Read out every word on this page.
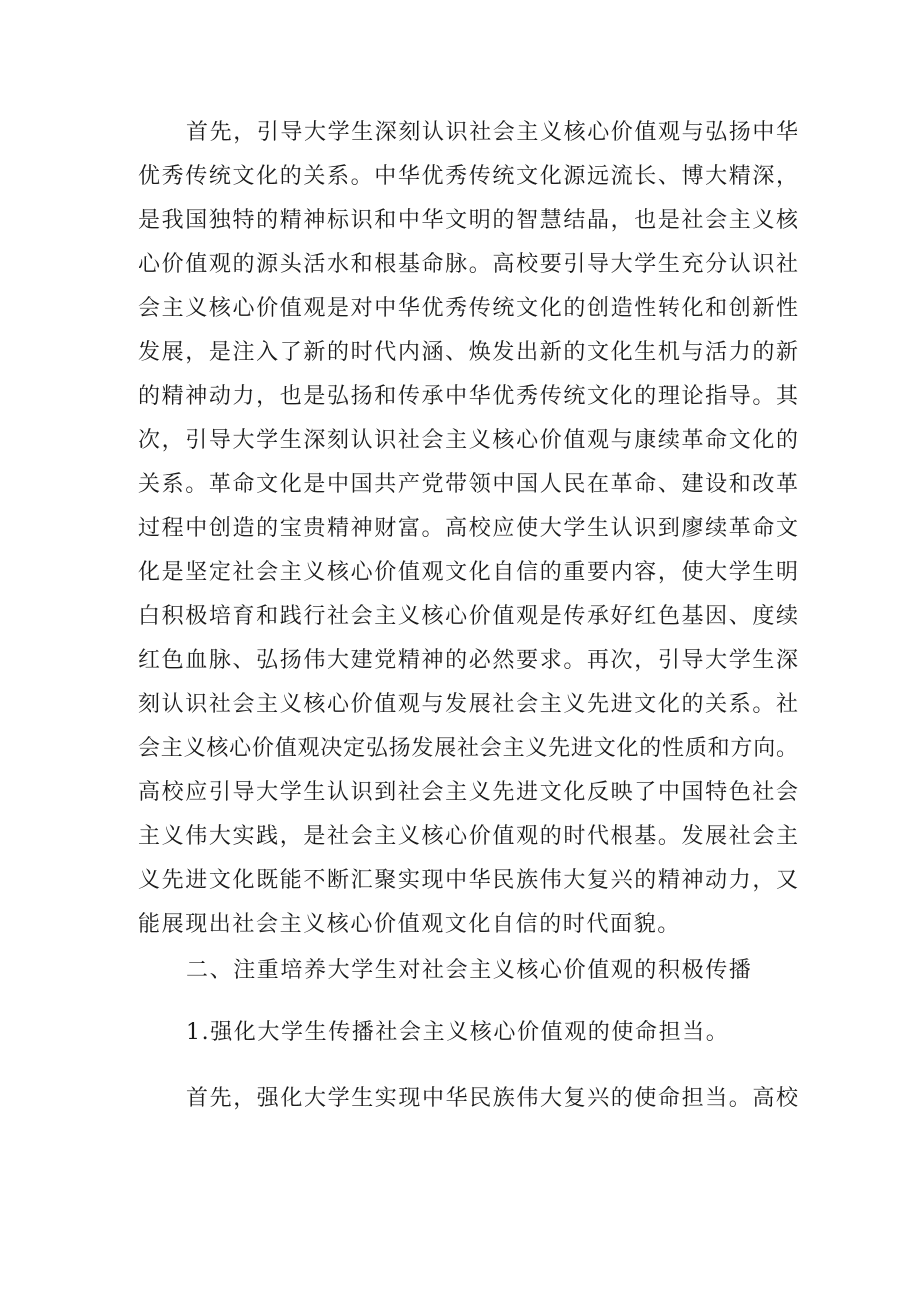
首先，引导大学生深刻认识社会主义核心价值观与弘扬中华
优秀传统文化的关系。中华优秀传统文化源远流长、博大精深，
是我国独特的精神标识和中华文明的智慧结晶，也是社会主义核
心价值观的源头活水和根基命脉。高校要引导大学生充分认识社
会主义核心价值观是对中华优秀传统文化的创造性转化和创新性
发展，是注入了新的时代内涵、焕发出新的文化生机与活力的新
的精神动力，也是弘扬和传承中华优秀传统文化的理论指导。其
次，引导大学生深刻认识社会主义核心价值观与康续革命文化的
关系。革命文化是中国共产党带领中国人民在革命、建设和改革
过程中创造的宝贵精神财富。高校应使大学生认识到廖续革命文
化是坚定社会主义核心价值观文化自信的重要内容，使大学生明
白积极培育和践行社会主义核心价值观是传承好红色基因、度续
红色血脉、弘扬伟大建党精神的必然要求。再次，引导大学生深
刻认识社会主义核心价值观与发展社会主义先进文化的关系。社
会主义核心价值观决定弘扬发展社会主义先进文化的性质和方向。
高校应引导大学生认识到社会主义先进文化反映了中国特色社会
主义伟大实践，是社会主义核心价值观的时代根基。发展社会主
义先进文化既能不断汇聚实现中华民族伟大复兴的精神动力，又
能展现出社会主义核心价值观文化自信的时代面貌。
二、注重培养大学生对社会主义核心价值观的积极传播
1.强化大学生传播社会主义核心价值观的使命担当。
首先，强化大学生实现中华民族伟大复兴的使命担当。高校
